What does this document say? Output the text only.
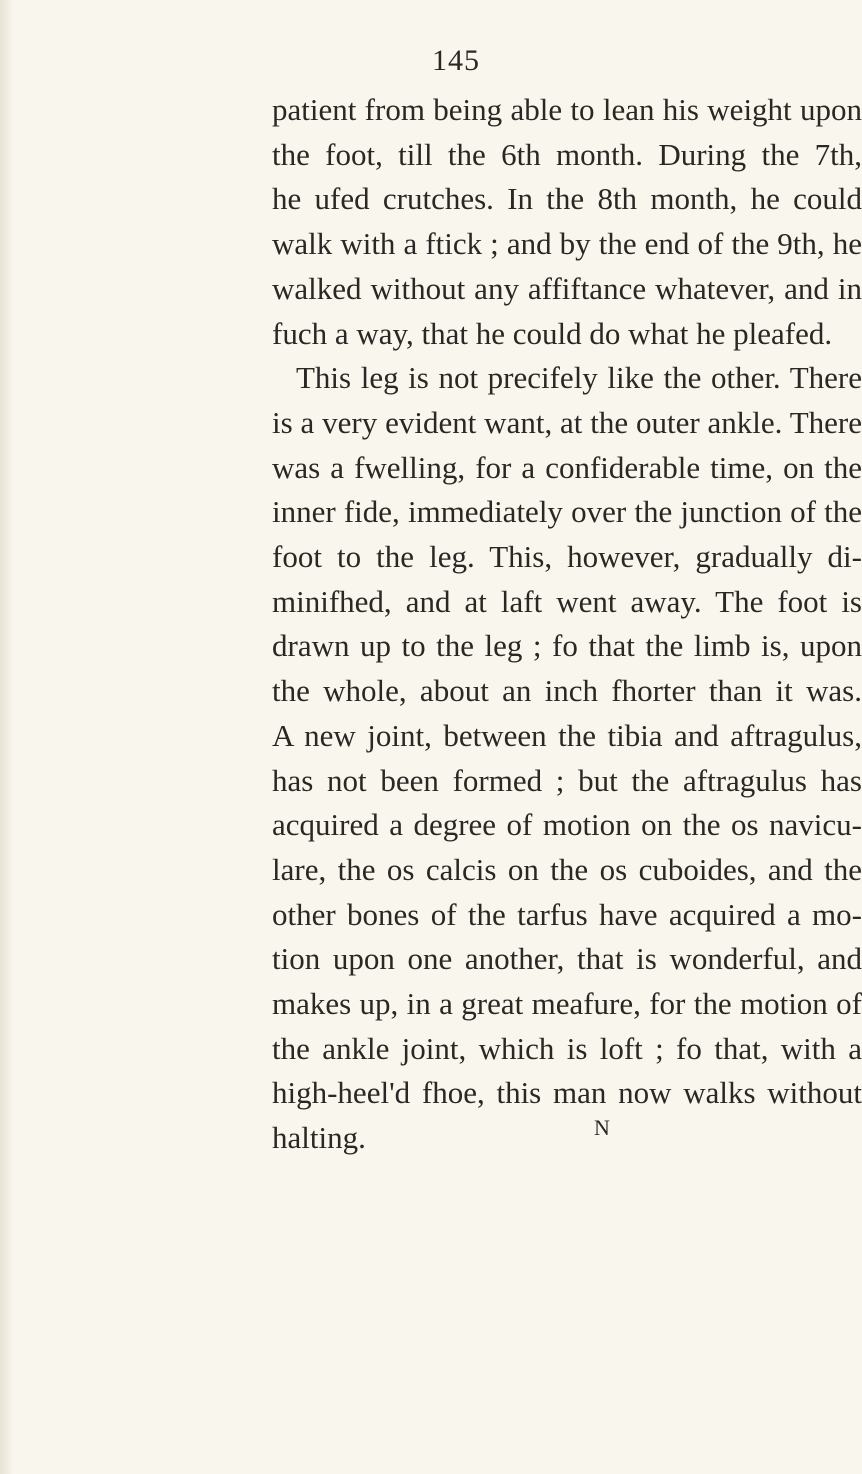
145
patient from being able to lean his weight upon
the foot, till the 6th month. During the 7th,
he ufed crutches. In the 8th month, he could
walk with a ftick ; and by the end of the 9th, he
walked without any affiftance whatever, and in
fuch a way, that he could do what he pleafed.
This leg is not precifely like the other. There
is a very evident want, at the outer ankle. There
was a fwelling, for a confiderable time, on the
inner fide, immediately over the junction of the
foot to the leg. This, however, gradually di-
minifhed, and at laft went away. The foot is
drawn up to the leg ; fo that the limb is, upon
the whole, about an inch fhorter than it was.
A new joint, between the tibia and aftragulus,
has not been formed ; but the aftragulus has
acquired a degree of motion on the os navicu-
lare, the os calcis on the os cuboides, and the
other bones of the tarfus have acquired a mo-
tion upon one another, that is wonderful, and
makes up, in a great meafure, for the motion of
the ankle joint, which is loft ; fo that, with a
high-heel'd fhoe, this man now walks without
halting.	N
